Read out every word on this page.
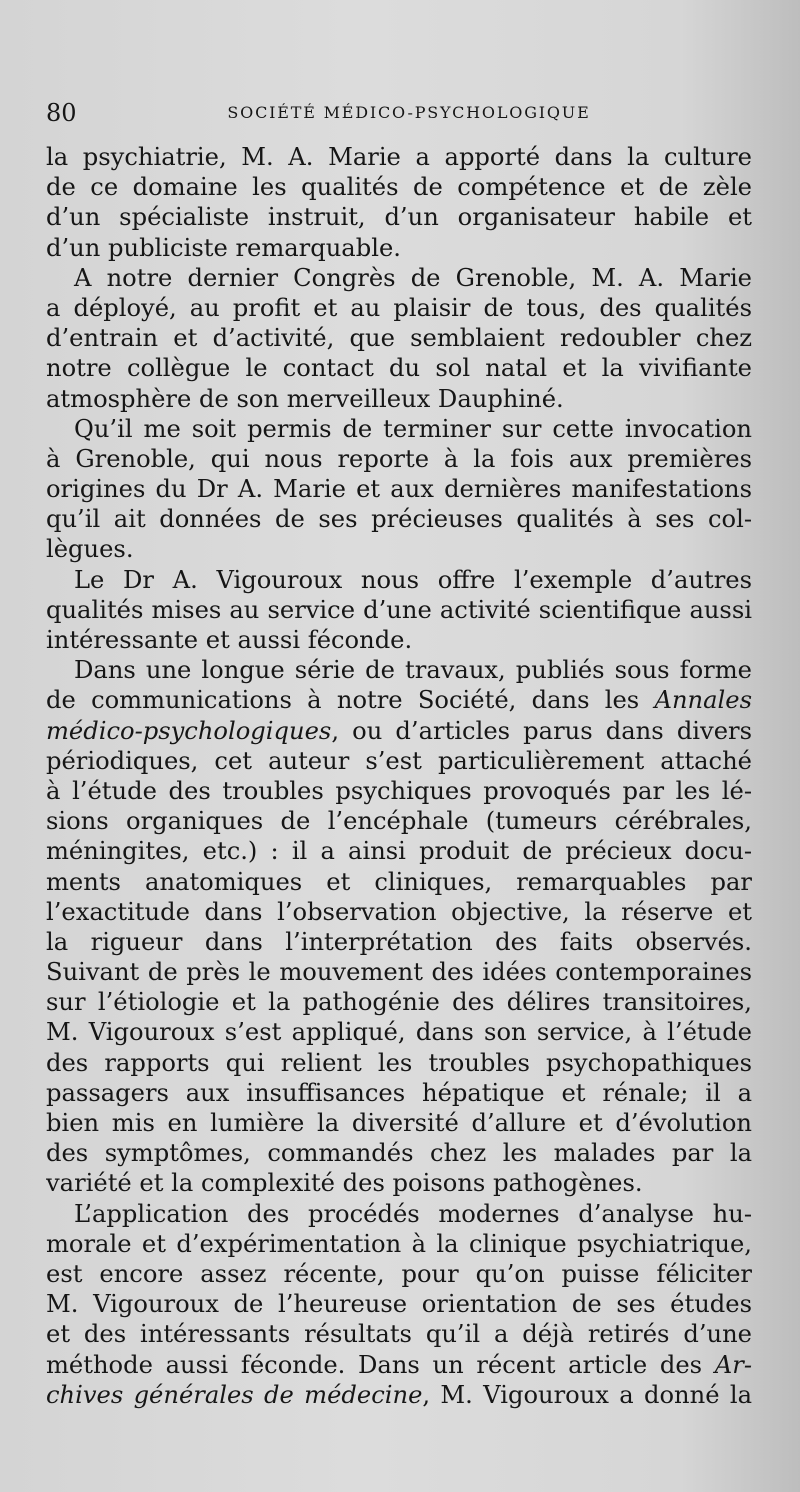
80	SOCIÉTÉ MÉDICO-PSYCHOLOGIQUE

la psychiatrie, M. A. Marie a apporté dans la culture
de ce domaine les qualités de compétence et de zèle
d’un spécialiste instruit, d’un organisateur habile et
d’un publiciste remarquable.

A notre dernier Congrès de Grenoble, M. A. Marie
a déployé, au profit et au plaisir de tous, des qualités
d’entrain et d’activité, que semblaient redoubler chez
notre collègue le contact du sol natal et la vivifiante
atmosphère de son merveilleux Dauphiné.

Qu’il me soit permis de terminer sur cette invocation
à Grenoble, qui nous reporte à la fois aux premières
origines du Dr A. Marie et aux dernières manifestations
qu’il ait données de ses précieuses qualités à ses col-
lègues.

Le Dr A. Vigouroux nous offre l’exemple d’autres
qualités mises au service d’une activité scientifique aussi
intéressante et aussi féconde.

Dans une longue série de travaux, publiés sous forme
de communications à notre Société, dans les Annales
médico-psychologiques, ou d’articles parus dans divers
périodiques, cet auteur s’est particulièrement attaché
à l’étude des troubles psychiques provoqués par les lé-
sions organiques de l’encéphale (tumeurs cérébrales,
méningites, etc.) : il a ainsi produit de précieux docu-
ments anatomiques et cliniques, remarquables par
l’exactitude dans l’observation objective, la réserve et
la rigueur dans l’interprétation des faits observés.
Suivant de près le mouvement des idées contemporaines
sur l’étiologie et la pathogénie des délires transitoires,
M. Vigouroux s’est appliqué, dans son service, à l’étude
des rapports qui relient les troubles psychopathiques
passagers aux insuffisances hépatique et rénale; il a
bien mis en lumière la diversité d’allure et d’évolution
des symptômes, commandés chez les malades par la
variété et la complexité des poisons pathogènes.

L’application des procédés modernes d’analyse hu-
morale et d’expérimentation à la clinique psychiatrique,
est encore assez récente, pour qu’on puisse féliciter
M. Vigouroux de l’heureuse orientation de ses études
et des intéressants résultats qu’il a déjà retirés d’une
méthode aussi féconde. Dans un récent article des Ar-
chives générales de médecine, M. Vigouroux a donné la
